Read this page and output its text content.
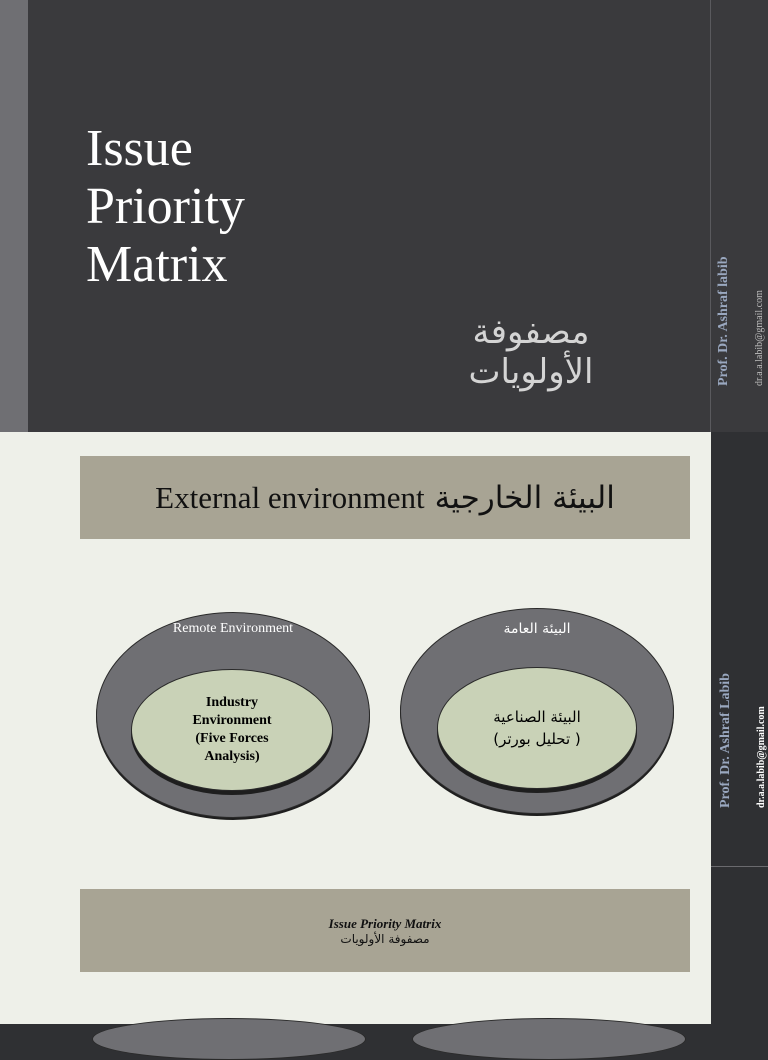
Issue
Priority
Matrix
مصفوفة الأولويات	Prof. Dr. Ashraf labib dr.a.a.labib@gmail.com
External environment البيئة الخارجية
Remote Environment
Industry
Environment
(Five Forces
Analysis)
البيئة العامة
البيئة الصناعية
( تحليل بورتر)
Issue Priority Matrix
مصفوفة الأولويات
Prof. Dr. Ashraf Labib dr.a.a.labib@gmail.com
